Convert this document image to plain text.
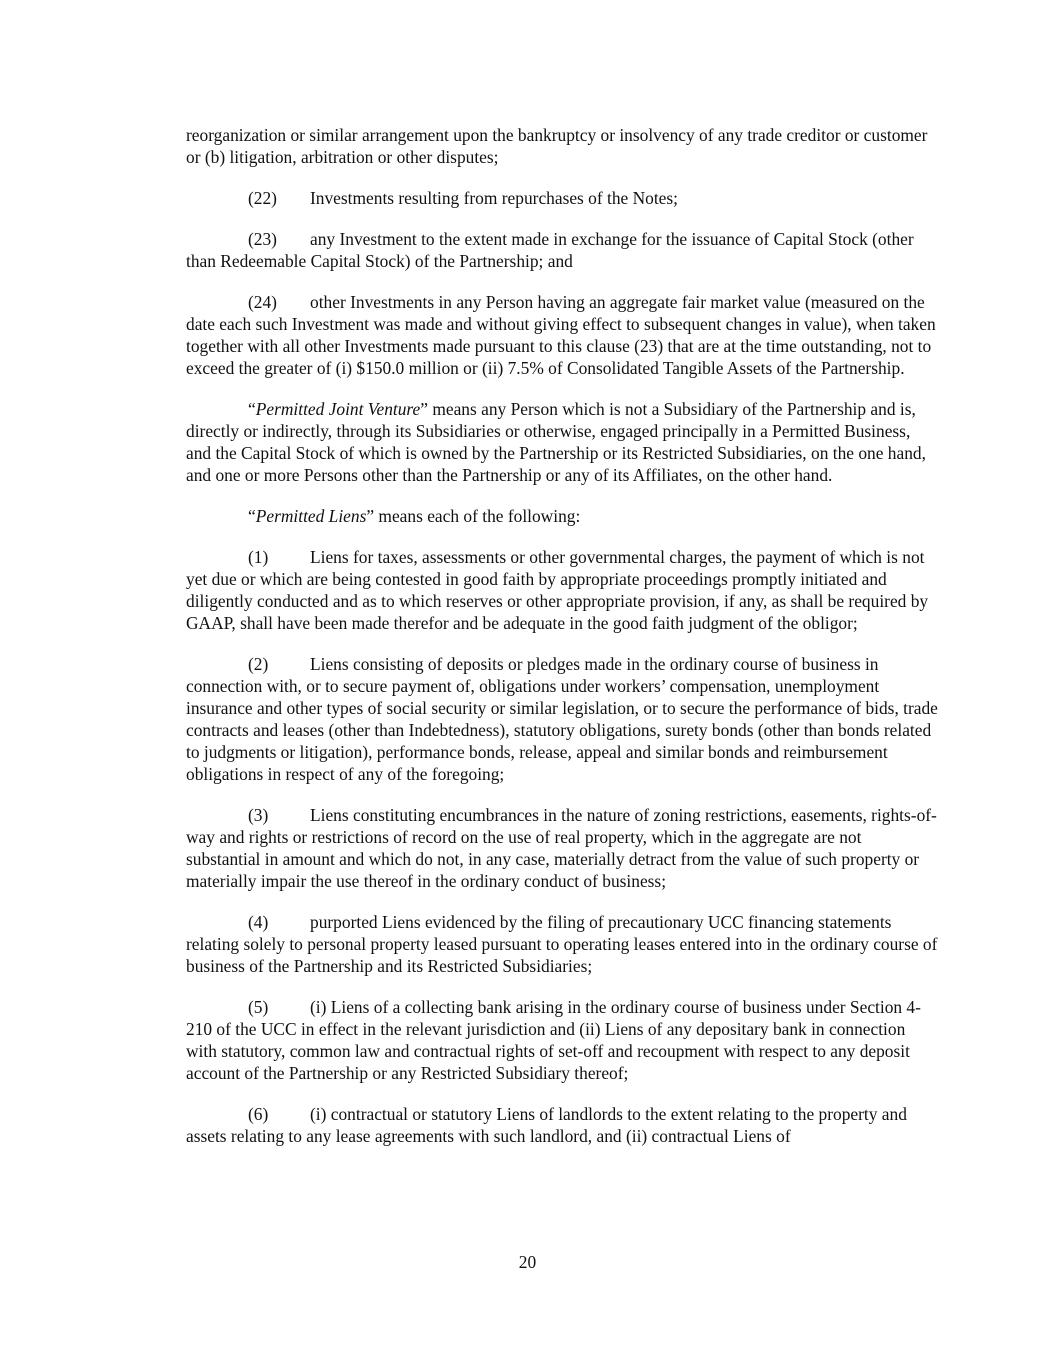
reorganization or similar arrangement upon the bankruptcy or insolvency of any trade creditor or customer or (b) litigation, arbitration or other disputes;

(22) Investments resulting from repurchases of the Notes;

(23) any Investment to the extent made in exchange for the issuance of Capital Stock (other than Redeemable Capital Stock) of the Partnership; and

(24) other Investments in any Person having an aggregate fair market value (measured on the date each such Investment was made and without giving effect to subsequent changes in value), when taken together with all other Investments made pursuant to this clause (23) that are at the time outstanding, not to exceed the greater of (i) $150.0 million or (ii) 7.5% of Consolidated Tangible Assets of the Partnership.

“Permitted Joint Venture” means any Person which is not a Subsidiary of the Partnership and is, directly or indirectly, through its Subsidiaries or otherwise, engaged principally in a Permitted Business, and the Capital Stock of which is owned by the Partnership or its Restricted Subsidiaries, on the one hand, and one or more Persons other than the Partnership or any of its Affiliates, on the other hand.

“Permitted Liens” means each of the following:

(1) Liens for taxes, assessments or other governmental charges, the payment of which is not yet due or which are being contested in good faith by appropriate proceedings promptly initiated and diligently conducted and as to which reserves or other appropriate provision, if any, as shall be required by GAAP, shall have been made therefor and be adequate in the good faith judgment of the obligor;

(2) Liens consisting of deposits or pledges made in the ordinary course of business in connection with, or to secure payment of, obligations under workers’ compensation, unemployment insurance and other types of social security or similar legislation, or to secure the performance of bids, trade contracts and leases (other than Indebtedness), statutory obligations, surety bonds (other than bonds related to judgments or litigation), performance bonds, release, appeal and similar bonds and reimbursement obligations in respect of any of the foregoing;

(3) Liens constituting encumbrances in the nature of zoning restrictions, easements, rights-of-way and rights or restrictions of record on the use of real property, which in the aggregate are not substantial in amount and which do not, in any case, materially detract from the value of such property or materially impair the use thereof in the ordinary conduct of business;

(4) purported Liens evidenced by the filing of precautionary UCC financing statements relating solely to personal property leased pursuant to operating leases entered into in the ordinary course of business of the Partnership and its Restricted Subsidiaries;

(5) (i) Liens of a collecting bank arising in the ordinary course of business under Section 4-210 of the UCC in effect in the relevant jurisdiction and (ii) Liens of any depositary bank in connection with statutory, common law and contractual rights of set-off and recoupment with respect to any deposit account of the Partnership or any Restricted Subsidiary thereof;

(6) (i) contractual or statutory Liens of landlords to the extent relating to the property and assets relating to any lease agreements with such landlord, and (ii) contractual Liens of

20
